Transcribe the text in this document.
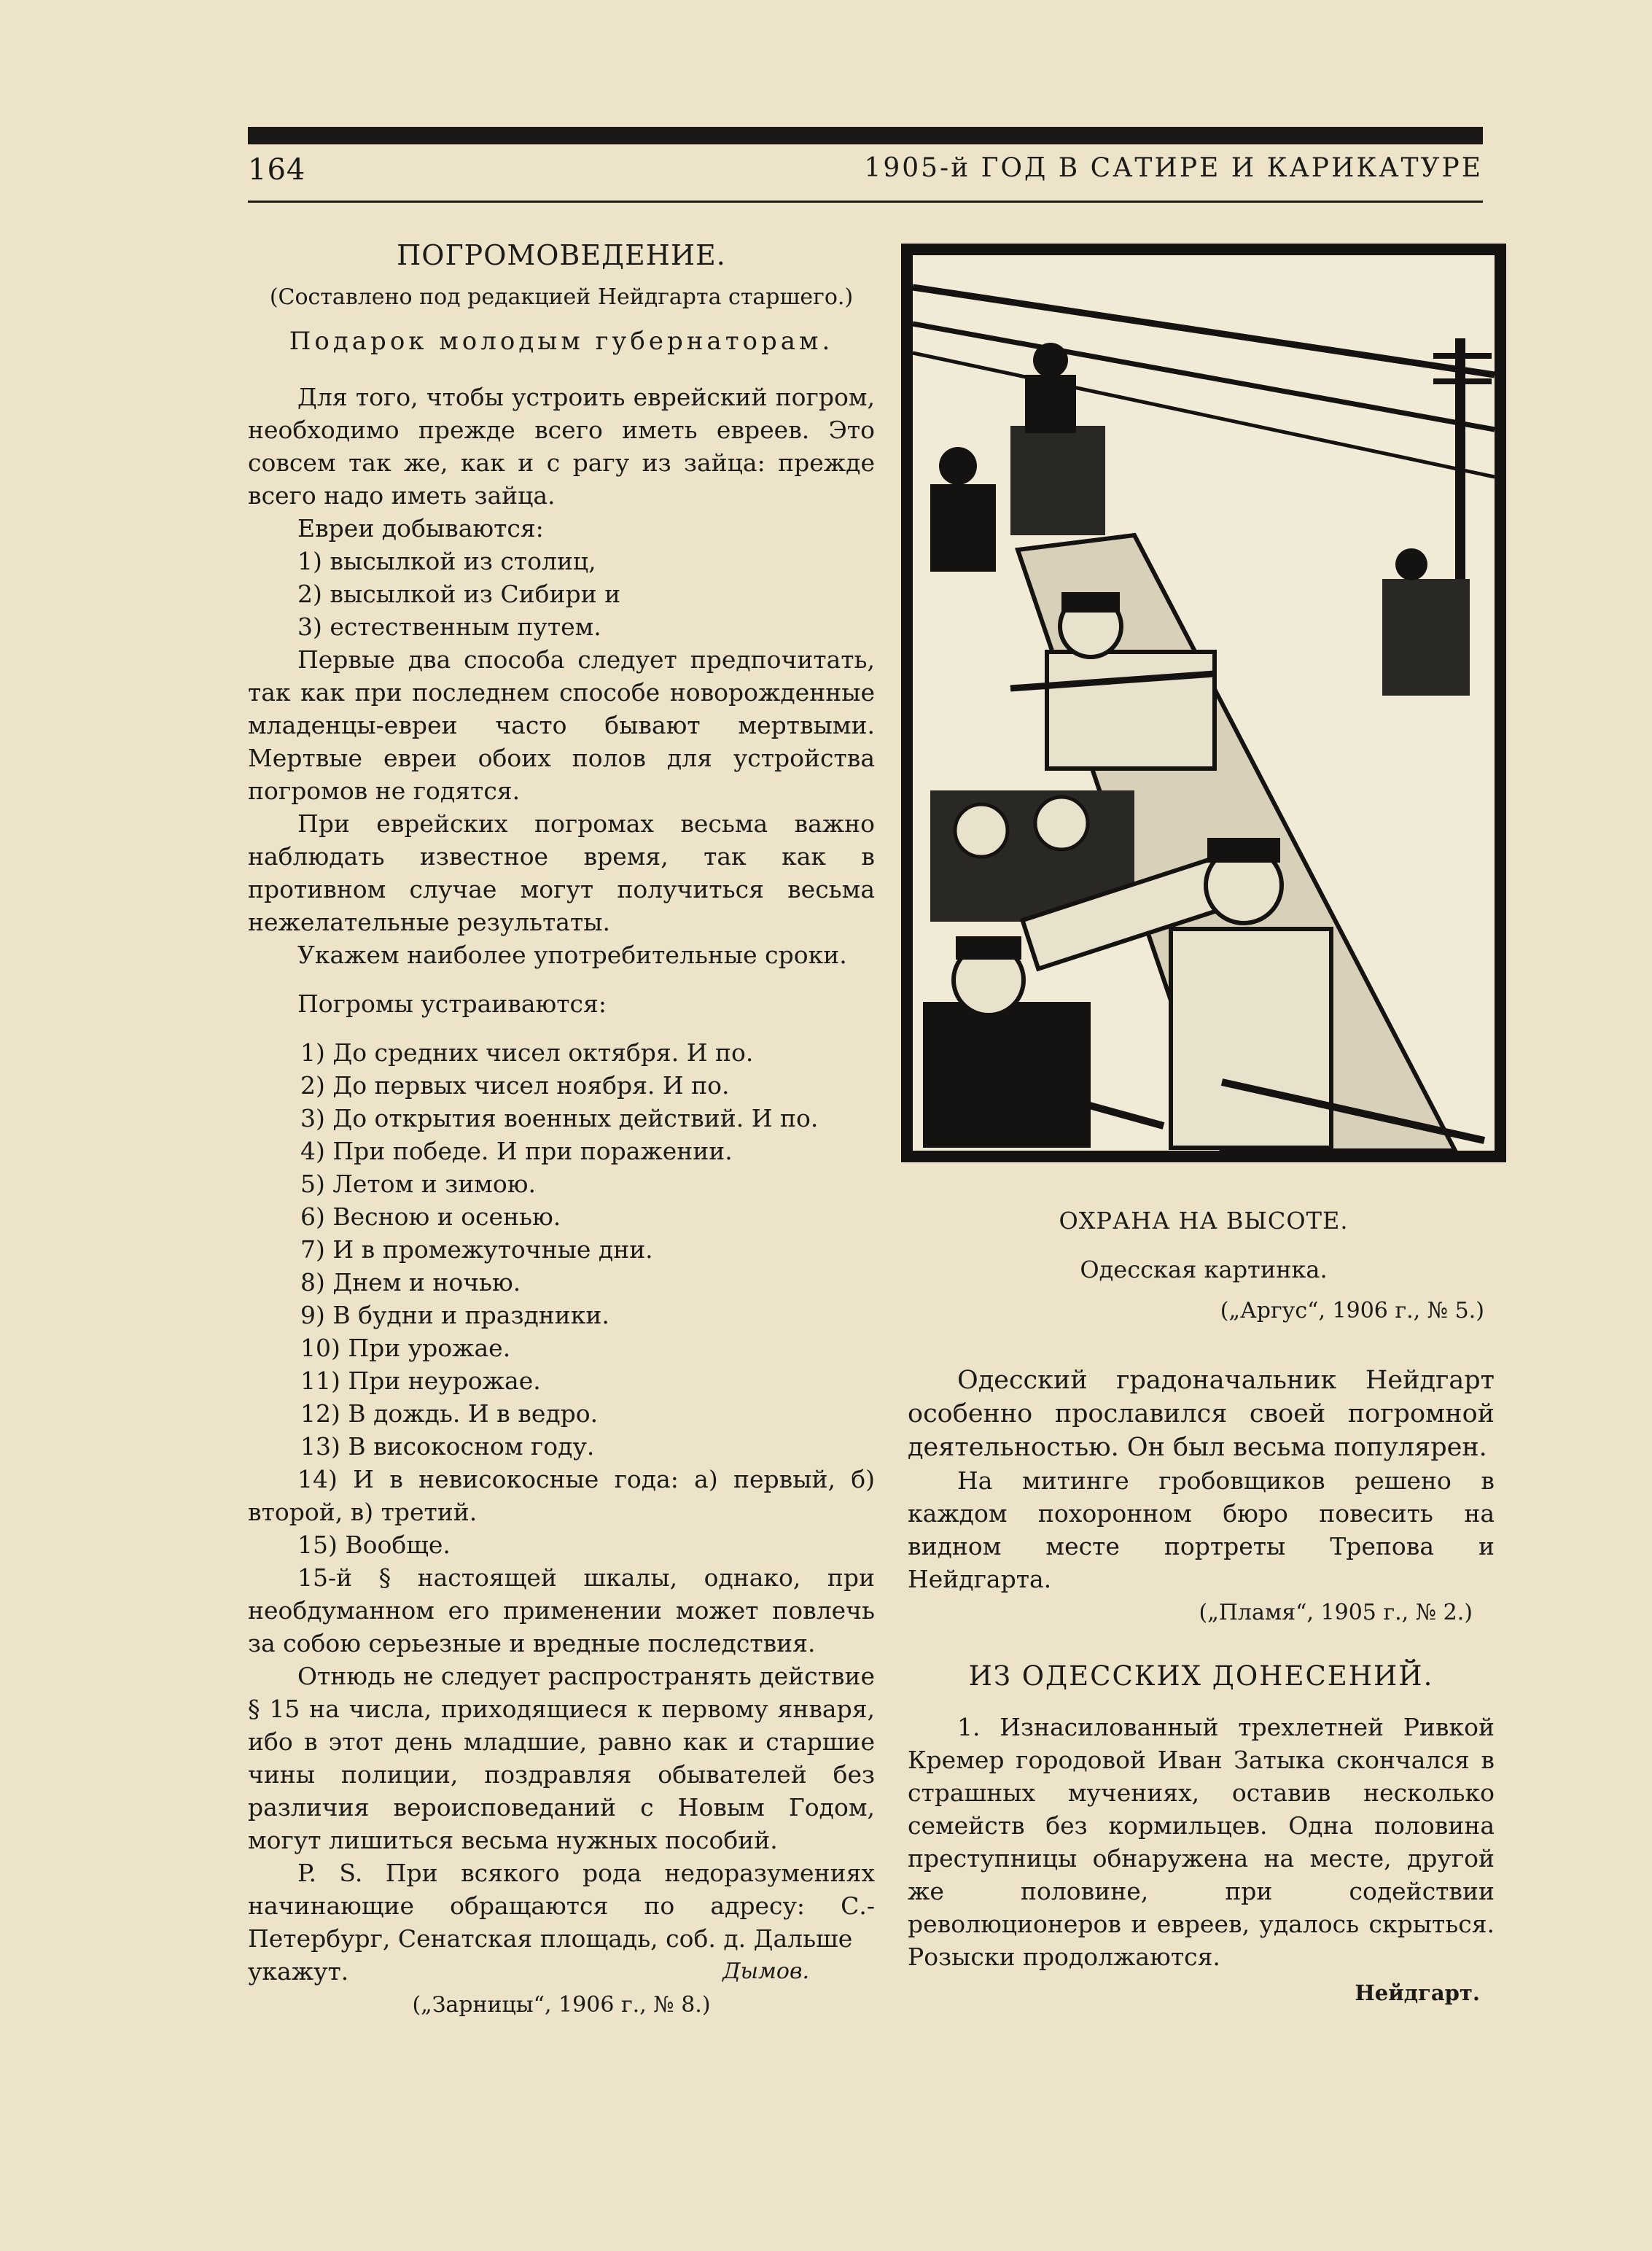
164	1905-й ГОД В САТИРЕ И КАРИКАТУРЕ
ПОГРОМОВЕДЕНИЕ.
(Составлено под редакцией Нейдгарта старшего.)
Подарок молодым губернаторам.

Для того, чтобы устроить еврейский погром, необходимо прежде всего иметь евреев. Это совсем так же, как и с рагу из зайца: прежде всего надо иметь зайца.

Евреи добываются:

1) высылкой из столиц,

2) высылкой из Сибири и

3) естественным путем.

Первые два способа следует предпочитать, так как при последнем способе новорожденные младенцы-евреи часто бывают мертвыми. Мертвые евреи обоих полов для устройства погромов не годятся.

При еврейских погромах весьма важно наблюдать известное время, так как в противном случае могут получиться весьма нежелательные результаты.

Укажем наиболее употребительные сроки.

Погромы устраиваются:

1) До средних чисел октября. И по.

2) До первых чисел ноября. И по.

3) До открытия военных действий. И по.

4) При победе. И при поражении.

5) Летом и зимою.

6) Весною и осенью.

7) И в промежуточные дни.

8) Днем и ночью.

9) В будни и праздники.

10) При урожае.

11) При неурожае.

12) В дождь. И в ведро.

13) В високосном году.

14) И в невисокосные года: а) первый, б) второй, в) третий.

15) Вообще.

15-й § настоящей шкалы, однако, при необдуманном его применении может повлечь за собою серьезные и вредные последствия.

Отнюдь не следует распространять действие § 15 на числа, приходящиеся к первому января, ибо в этот день младшие, равно как и старшие чины полиции, поздравляя обывателей без различия вероисповеданий с Новым Годом, могут лишиться весьма нужных пособий.

P. S. При всякого рода недоразумениях начинающие обращаются по адресу: С.-Петербург, Сенатская площадь, соб. д. Дальше

укажут.	Дымов.
(„Зарницы“, 1906 г., № 8.)
ОХРАНА НА ВЫСОТЕ.
Одесская картинка.
(„Аргус“, 1906 г., № 5.)

Одесский градоначальник Нейдгарт особенно прославился своей погромной деятельностью. Он был весьма популярен.

На митинге гробовщиков решено в каждом похоронном бюро повесить на видном месте портреты Трепова и Нейдгарта.

(„Пламя“, 1905 г., № 2.)
ИЗ ОДЕССКИХ ДОНЕСЕНИЙ.

1. Изнасилованный трехлетней Ривкой Кремер городовой Иван Затыка скончался в страшных мучениях, оставив несколько семейств без кормильцев. Одна половина преступницы обнаружена на месте, другой же половине, при содействии революционеров и евреев, удалось скрыться. Розыски продолжаются.

Нейдгарт.
